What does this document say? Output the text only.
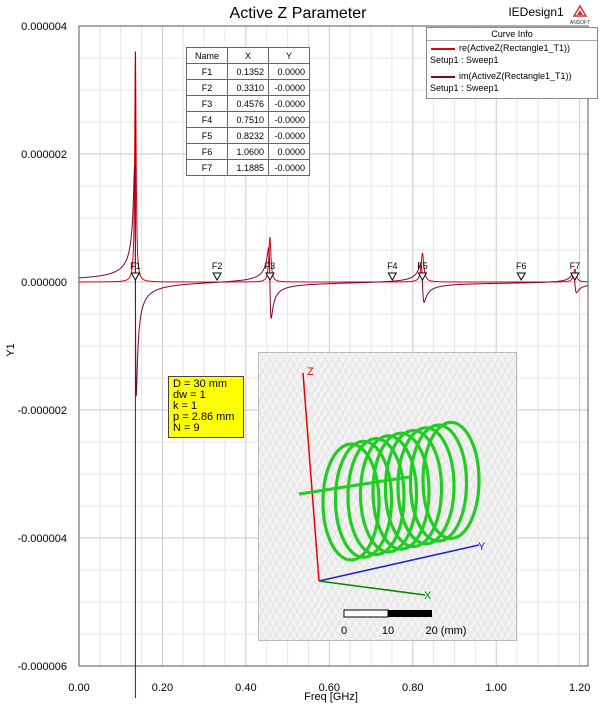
Active Z Parameter	IEDesign1
0.000004
0.000002
0.000000
-0.000002
-0.000004
-0.000006
0.00	0.20	0.40	0.60	0.80	1.00	1.20
Y1
Freq [GHz]
F1	F2	F3	F4 F5	F6	F7
ANSOFT
Name	X	Y
F1	0.1352	0.0000
F2	0.3310	-0.0000
F3	0.4576	-0.0000
F4	0.7510	-0.0000
F5	0.8232	-0.0000
F6	1.0600	0.0000
F7	1.1885	-0.0000
Curve Info
re(ActiveZ(Rectangle1_T1))
Setup1 : Sweep1
im(ActiveZ(Rectangle1_T1))
Setup1 : Sweep1
D = 30 mm
dw = 1
k = 1
p = 2.86 mm
N = 9
Z
Y
X
0	10	20 (mm)
